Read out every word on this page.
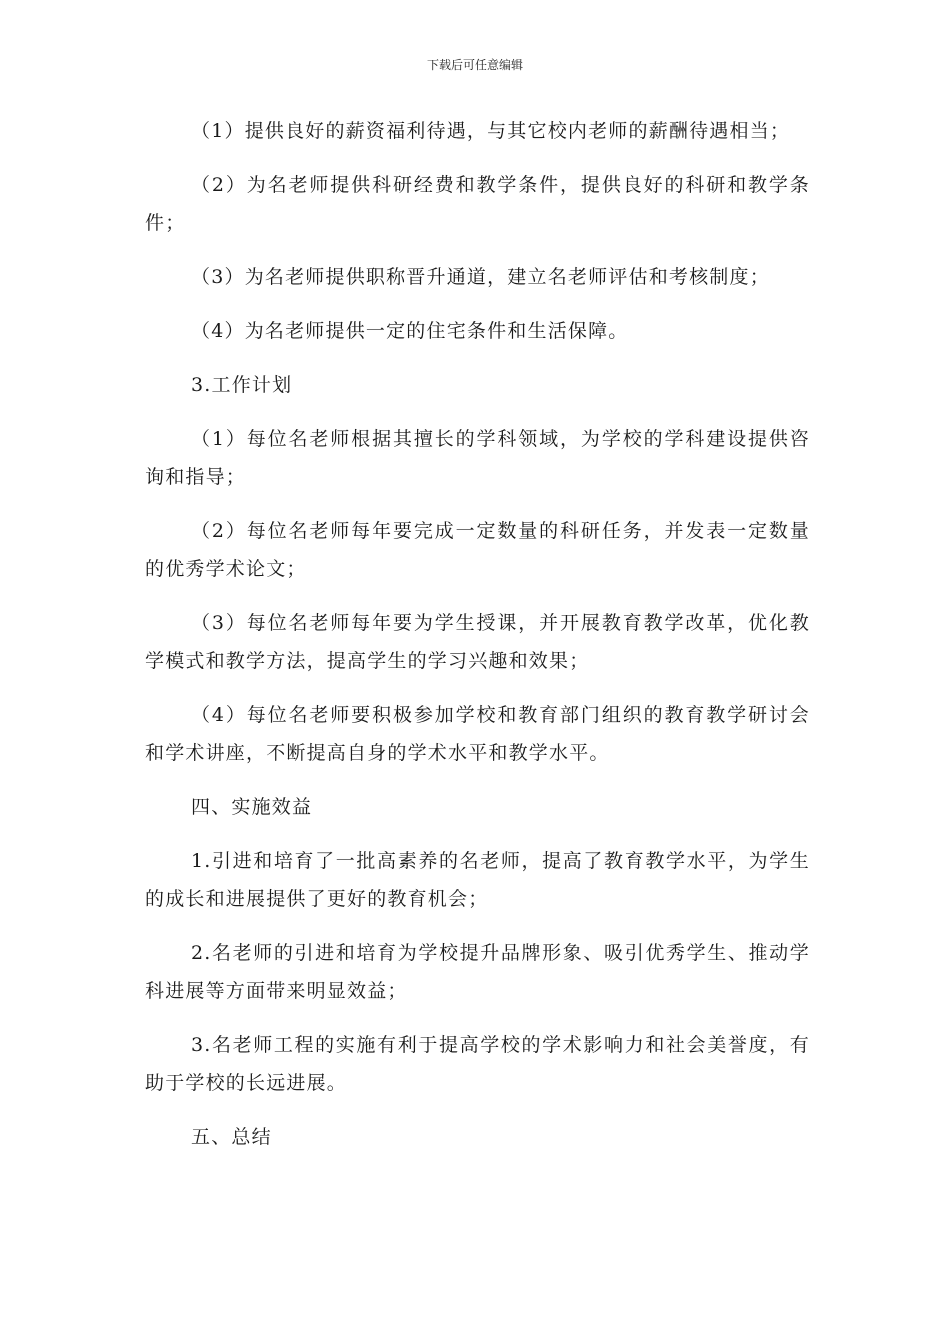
下载后可任意编辑

（1）提供良好的薪资福利待遇，与其它校内老师的薪酬待遇相当；

（2）为名老师提供科研经费和教学条件，提供良好的科研和教学条件；

（3）为名老师提供职称晋升通道，建立名老师评估和考核制度；

（4）为名老师提供一定的住宅条件和生活保障。

3.工作计划

（1）每位名老师根据其擅长的学科领域，为学校的学科建设提供咨询和指导；

（2）每位名老师每年要完成一定数量的科研任务，并发表一定数量的优秀学术论文；

（3）每位名老师每年要为学生授课，并开展教育教学改革，优化教学模式和教学方法，提高学生的学习兴趣和效果；

（4）每位名老师要积极参加学校和教育部门组织的教育教学研讨会和学术讲座，不断提高自身的学术水平和教学水平。

四、实施效益

1.引进和培育了一批高素养的名老师，提高了教育教学水平，为学生的成长和进展提供了更好的教育机会；

2.名老师的引进和培育为学校提升品牌形象、吸引优秀学生、推动学科进展等方面带来明显效益；

3.名老师工程的实施有利于提高学校的学术影响力和社会美誉度，有助于学校的长远进展。

五、总结
